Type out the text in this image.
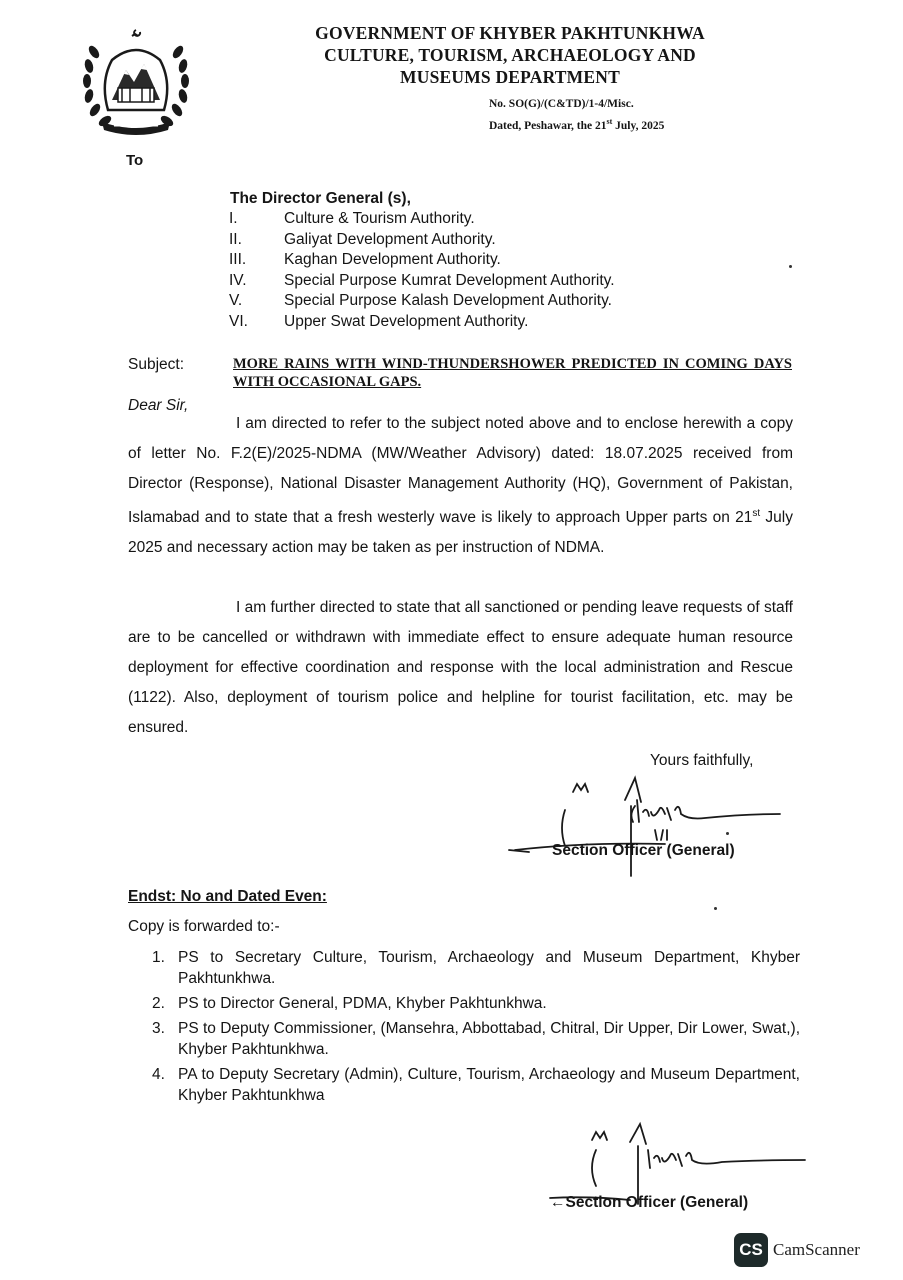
GOVERNMENT OF KHYBER PAKHTUNKHWA
CULTURE, TOURISM, ARCHAEOLOGY AND
MUSEUMS DEPARTMENT
No. SO(G)/(C&TD)/1-4/Misc.
Dated, Peshawar, the 21st July, 2025
To
The Director General (s),
I.	Culture & Tourism Authority.
II.	Galiyat Development Authority.
III.	Kaghan Development Authority.
IV.	Special Purpose Kumrat Development Authority.
V.	Special Purpose Kalash Development Authority.
VI.	Upper Swat Development Authority.
Subject:	MORE RAINS WITH WIND-THUNDERSHOWER PREDICTED IN COMING DAYS WITH OCCASIONAL GAPS.
Dear Sir,
I am directed to refer to the subject noted above and to enclose herewith a copy of letter No. F.2(E)/2025-NDMA (MW/Weather Advisory) dated: 18.07.2025 received from Director (Response), National Disaster Management Authority (HQ), Government of Pakistan, Islamabad and to state that a fresh westerly wave is likely to approach Upper parts on 21st July 2025 and necessary action may be taken as per instruction of NDMA.
I am further directed to state that all sanctioned or pending leave requests of staff are to be cancelled or withdrawn with immediate effect to ensure adequate human resource deployment for effective coordination and response with the local administration and Rescue (1122). Also, deployment of tourism police and helpline for tourist facilitation, etc. may be ensured.
Yours faithfully,
Section Officer (General)
Endst: No and Dated Even:
Copy is forwarded to:-
1. PS to Secretary Culture, Tourism, Archaeology and Museum Department, Khyber Pakhtunkhwa.
2. PS to Director General, PDMA, Khyber Pakhtunkhwa.
3. PS to Deputy Commissioner, (Mansehra, Abbottabad, Chitral, Dir Upper, Dir Lower, Swat,), Khyber Pakhtunkhwa.
4. PA to Deputy Secretary (Admin), Culture, Tourism, Archaeology and Museum Department, Khyber Pakhtunkhwa
←Section Officer (General)
CS CamScanner
